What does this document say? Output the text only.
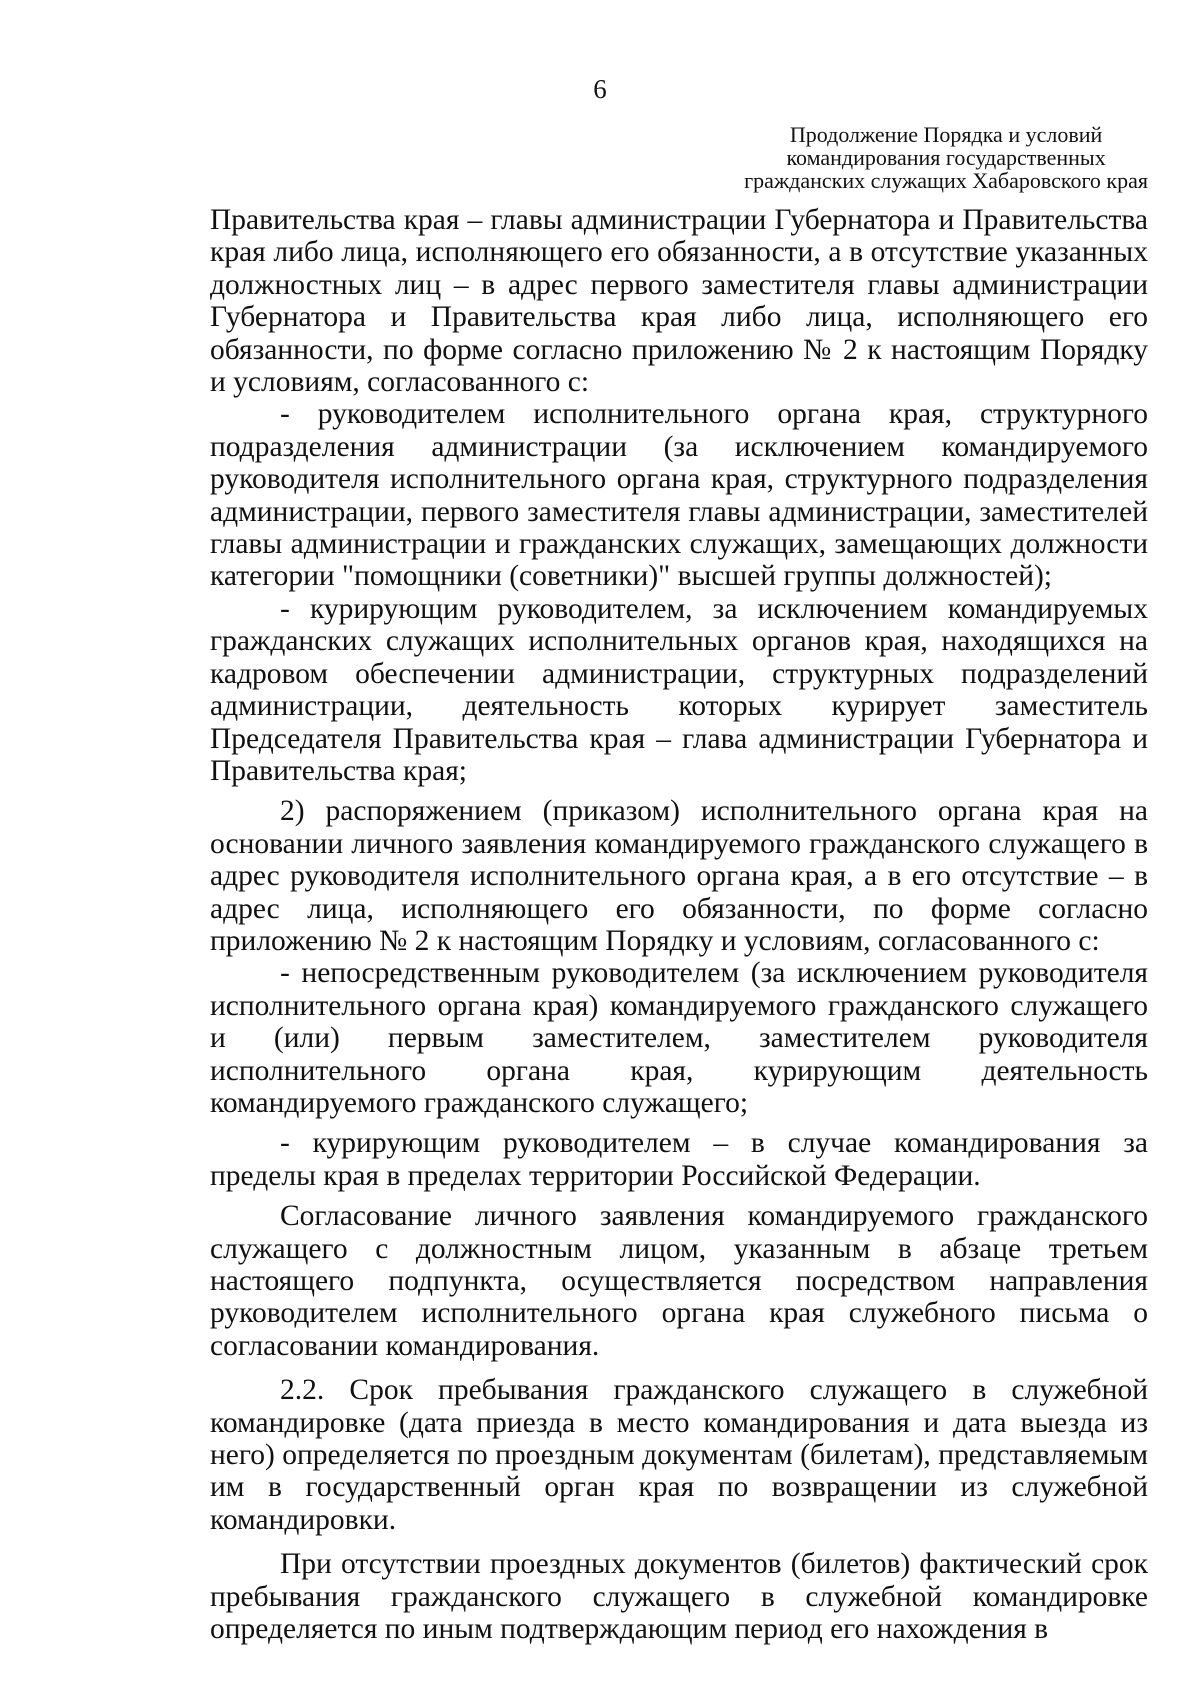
6
Продолжение Порядка и условий
командирования государственных
гражданских служащих Хабаровского края

Правительства края – главы администрации Губернатора и Правительства края либо лица, исполняющего его обязанности, а в отсутствие указанных должностных лиц – в адрес первого заместителя главы администрации Губернатора и Правительства края либо лица, исполняющего его обязанности, по форме согласно приложению № 2 к настоящим Порядку и условиям, согласованного с:

- руководителем исполнительного органа края, структурного подразделения администрации (за исключением командируемого руководителя исполнительного органа края, структурного подразделения администрации, первого заместителя главы администрации, заместителей главы администрации и гражданских служащих, замещающих должности категории "помощники (советники)" высшей группы должностей);

- курирующим руководителем, за исключением командируемых гражданских служащих исполнительных органов края, находящихся на кадровом обеспечении администрации, структурных подразделений администрации, деятельность которых курирует заместитель Председателя Правительства края – глава администрации Губернатора и Правительства края;

2) распоряжением (приказом) исполнительного органа края на основании личного заявления командируемого гражданского служащего в адрес руководителя исполнительного органа края, а в его отсутствие – в адрес лица, исполняющего его обязанности, по форме согласно приложению № 2 к настоящим Порядку и условиям, согласованного с:

- непосредственным руководителем (за исключением руководителя исполнительного органа края) командируемого гражданского служащего и (или) первым заместителем, заместителем руководителя исполнительного органа края, курирующим деятельность командируемого гражданского служащего;

- курирующим руководителем – в случае командирования за пределы края в пределах территории Российской Федерации.

Согласование личного заявления командируемого гражданского служащего с должностным лицом, указанным в абзаце третьем настоящего подпункта, осуществляется посредством направления руководителем исполнительного органа края служебного письма о согласовании командирования.

2.2. Срок пребывания гражданского служащего в служебной командировке (дата приезда в место командирования и дата выезда из него) определяется по проездным документам (билетам), представляемым им в государственный орган края по возвращении из служебной командировки.

При отсутствии проездных документов (билетов) фактический срок пребывания гражданского служащего в служебной командировке определяется по иным подтверждающим период его нахождения в
